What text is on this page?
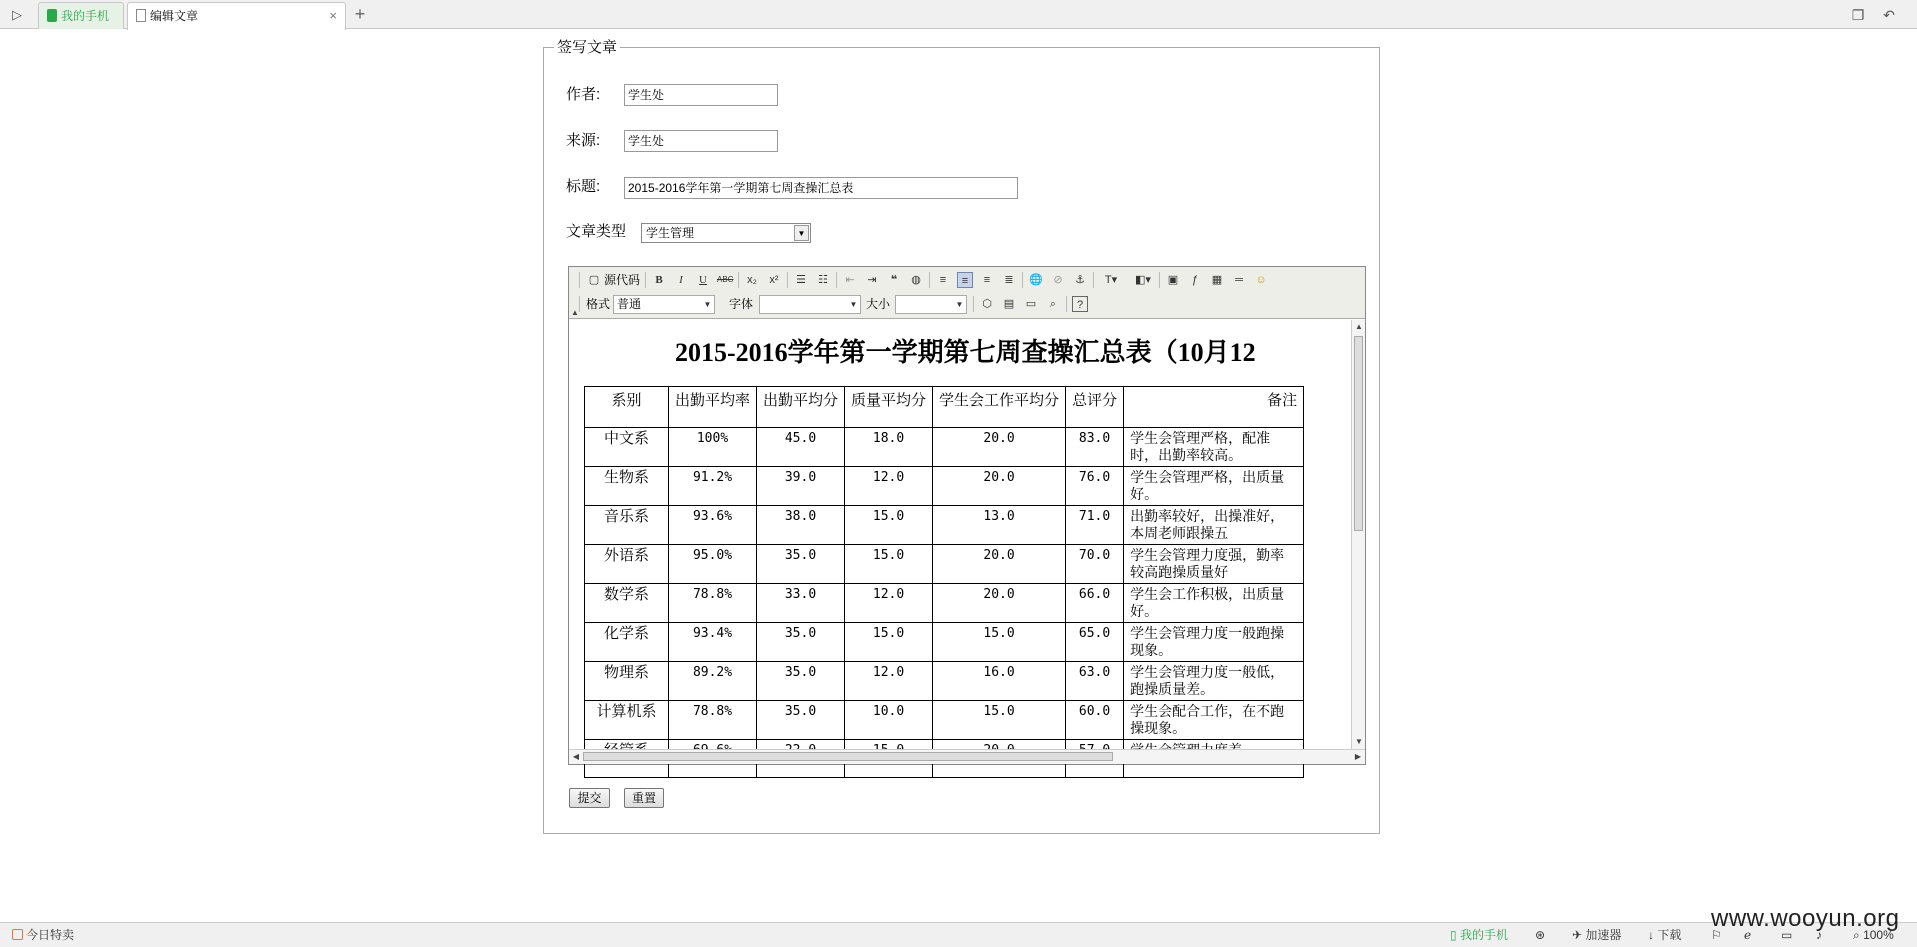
▷	我的手机	编辑文章	× +	❐ ↶
签写文章
作者:	学生处
来源:	学生处
标题:	2015-2016学年第一学期第七周查操汇总表
文章类型	学生管理	▼
▢ 源代码	B	I	U	ABC x₂	x²	☰ ☷	⇤	⇥	❝	◍	≡	≡	≡	≣	🌐 ⊘	⚓	T▾	◧▾	▣	ƒ	▦	═	☺
格式 普通	▼ 字体	▼ 大小	▼ ⬡ ▤ ▭	⌕	?
▲
2015-2016学年第一学期第七周查操汇总表（10月12
系别	出勤平均率	出勤平均分	质量平均分	学生会工作平均分	总评分	备注
中文系	100%	45.0	18.0	20.0	83.0	学生会管理严格，配准时，出勤率较高。
生物系	91.2%	39.0	12.0	20.0	76.0	学生会管理严格，出质量好。
音乐系	93.6%	38.0	15.0	13.0	71.0	出勤率较好，出操准好，本周老师跟操五
外语系	95.0%	35.0	15.0	20.0	70.0	学生会管理力度强，勤率较高跑操质量好
数学系	78.8%	33.0	12.0	20.0	66.0	学生会工作积极，出质量好。
化学系	93.4%	35.0	15.0	15.0	65.0	学生会管理力度一般跑操现象。
物理系	89.2%	35.0	12.0	16.0	63.0	学生会管理力度一般低，跑操质量差。
计算机系	78.8%	35.0	10.0	15.0	60.0	学生会配合工作，在不跑操现象。

▲
▼
◀	▶
提交	重置
今日特卖	▯ 我的手机 ⊛ ✈ 加速器 ↓ 下载 ⚐ ℯ ▭ ♪	⌕ 100%
www.wooyun.org
